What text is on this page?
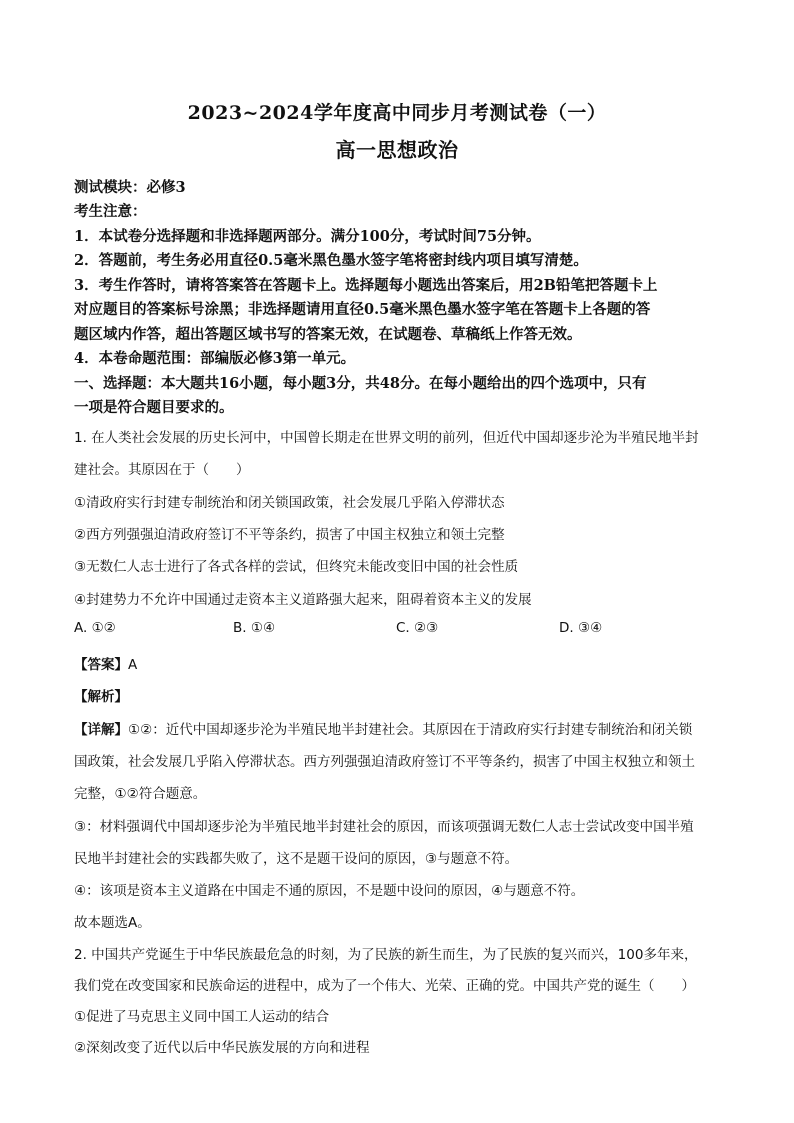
2023~2024学年度高中同步月考测试卷（一）
高一思想政治
测试模块：必修3
考生注意：
1．本试卷分选择题和非选择题两部分。满分100分，考试时间75分钟。
2．答题前，考生务必用直径0.5毫米黑色墨水签字笔将密封线内项目填写清楚。
3．考生作答时，请将答案答在答题卡上。选择题每小题选出答案后，用2B铅笔把答题卡上
对应题目的答案标号涂黑；非选择题请用直径0.5毫米黑色墨水签字笔在答题卡上各题的答
题区域内作答，超出答题区域书写的答案无效，在试题卷、草稿纸上作答无效。
4．本卷命题范围：部编版必修3第一单元。
一、选择题：本大题共16小题，每小题3分，共48分。在每小题给出的四个选项中，只有
一项是符合题目要求的。
1. 在人类社会发展的历史长河中，中国曾长期走在世界文明的前列，但近代中国却逐步沦为半殖民地半封
建社会。其原因在于（　　）
①清政府实行封建专制统治和闭关锁国政策，社会发展几乎陷入停滞状态
②西方列强强迫清政府签订不平等条约，损害了中国主权独立和领土完整
③无数仁人志士进行了各式各样的尝试，但终究未能改变旧中国的社会性质
④封建势力不允许中国通过走资本主义道路强大起来，阻碍着资本主义的发展
A. ①②	B. ①④	C. ②③	D. ③④
【答案】A
【解析】
【详解】①②：近代中国却逐步沦为半殖民地半封建社会。其原因在于清政府实行封建专制统治和闭关锁
国政策，社会发展几乎陷入停滞状态。西方列强强迫清政府签订不平等条约，损害了中国主权独立和领土
完整，①②符合题意。
③：材料强调代中国却逐步沦为半殖民地半封建社会的原因，而该项强调无数仁人志士尝试改变中国半殖
民地半封建社会的实践都失败了，这不是题干设问的原因，③与题意不符。
④：该项是资本主义道路在中国走不通的原因，不是题中设问的原因，④与题意不符。
故本题选A。
2. 中国共产党诞生于中华民族最危急的时刻，为了民族的新生而生，为了民族的复兴而兴，100多年来，
我们党在改变国家和民族命运的进程中，成为了一个伟大、光荣、正确的党。中国共产党的诞生（　　）
①促进了马克思主义同中国工人运动的结合
②深刻改变了近代以后中华民族发展的方向和进程
